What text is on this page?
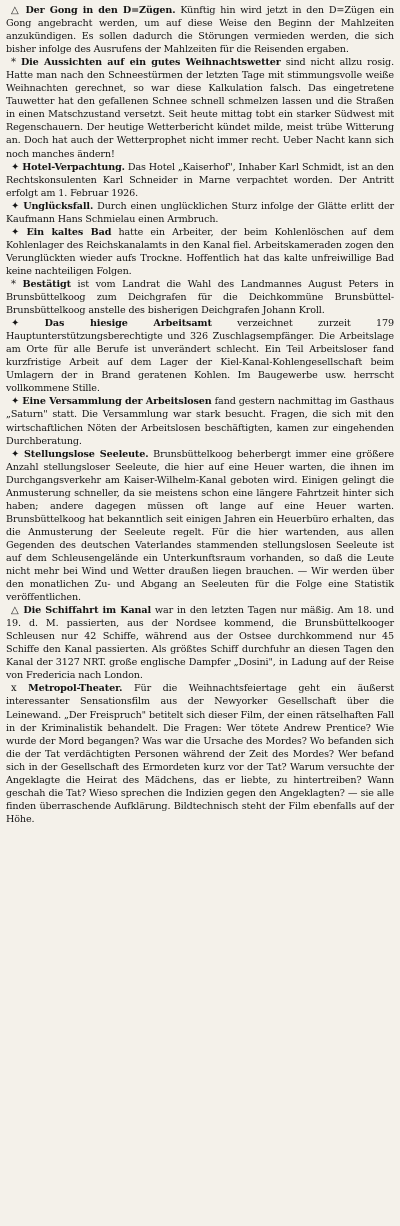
△ Der Gong in den D=Zügen. Künftig hin wird jetzt in den D=Zügen ein Gong angebracht werden, um auf diese Weise den Beginn der Mahlzeiten anzukündigen. Es sollen dadurch die Störungen vermieden werden, die sich bisher infolge des Ausrufens der Mahlzeiten für die Reisenden ergaben.

* Die Aussichten auf ein gutes Weihnachtswetter sind nicht allzu rosig. Hatte man nach den Schneestürmen der letzten Tage mit stimmungsvolle weiße Weihnachten gerechnet, so war diese Kalkulation falsch. Das eingetretene Tauwetter hat den gefallenen Schnee schnell schmelzen lassen und die Straßen in einen Matschzustand versetzt. Seit heute mittag tobt ein starker Südwest mit Regenschauern. Der heutige Wetterbericht kündet milde, meist trübe Witterung an. Doch hat auch der Wetterprophet nicht immer recht. Ueber Nacht kann sich noch manches ändern!

✦ Hotel-Verpachtung. Das Hotel „Kaiserhof", Inhaber Karl Schmidt, ist an den Rechtskonsulenten Karl Schneider in Marne verpachtet worden. Der Antritt erfolgt am 1. Februar 1926.

✦ Unglücksfall. Durch einen unglücklichen Sturz infolge der Glätte erlitt der Kaufmann Hans Schmielau einen Armbruch.

✦ Ein kaltes Bad hatte ein Arbeiter, der beim Kohlenlöschen auf dem Kohlenlager des Reichskanalamts in den Kanal fiel. Arbeitskameraden zogen den Verunglückten wieder aufs Trockne. Hoffentlich hat das kalte unfreiwillige Bad keine nachteiligen Folgen.

* Bestätigt ist vom Landrat die Wahl des Landmannes August Peters in Brunsbüttelkoog zum Deichgrafen für die Deichkommüne Brunsbüttel-Brunsbüttelkoog anstelle des bisherigen Deichgrafen Johann Kroll.

✦	Das hiesige Arbeitsamt	verzeichnet zurzeit 179 Hauptunterstützungsberechtigte und 326 Zuschlagsempfänger. Die Arbeitslage am Orte für alle Berufe ist unverändert schlecht. Ein Teil Arbeitsloser fand kurzfristige Arbeit auf dem Lager der Kiel-Kanal-Kohlengesellschaft beim Umlagern der in Brand geratenen Kohlen. Im Baugewerbe usw. herrscht vollkommene Stille.

✦ Eine Versammlung der Arbeitslosen fand gestern nachmittag im Gasthaus „Saturn" statt. Die Versammlung war stark besucht. Fragen, die sich mit den wirtschaftlichen Nöten der Arbeitslosen beschäftigten, kamen zur eingehenden Durchberatung.

✦ Stellungslose Seeleute. Brunsbüttelkoog beherbergt immer eine größere Anzahl stellungsloser Seeleute, die hier auf eine Heuer warten, die ihnen im Durchgangsverkehr am Kaiser-Wilhelm-Kanal geboten wird. Einigen gelingt die Anmusterung schneller, da sie meistens schon eine längere Fahrtzeit hinter sich haben; andere dagegen müssen oft lange auf eine Heuer warten. Brunsbüttelkoog hat bekanntlich seit einigen Jahren ein Heuerbüro erhalten, das die Anmusterung der Seeleute regelt. Für die hier wartenden, aus allen Gegenden des deutschen Vaterlandes stammenden stellungslosen Seeleute ist auf dem Schleusengelände ein Unterkunftsraum vorhanden, so daß die Leute nicht mehr bei Wind und Wetter draußen liegen brauchen. — Wir werden über den monatlichen Zu- und Abgang an Seeleuten für die Folge eine Statistik veröffentlichen.

△ Die Schiffahrt im Kanal war in den letzten Tagen nur mäßig. Am 18. und 19. d. M. passierten, aus der Nordsee kommend, die Brunsbüttelkooger Schleusen nur 42 Schiffe, während aus der Ostsee durchkommend nur 45 Schiffe den Kanal passierten. Als größtes Schiff durchfuhr an diesen Tagen den Kanal der 3127 NRT. große englische Dampfer „Dosini", in Ladung auf der Reise von Fredericia nach London.

x Metropol-Theater. Für die Weihnachtsfeiertage geht ein äußerst interessanter Sensationsfilm aus der Newyorker Gesellschaft über die Leinewand. „Der Freispruch" betitelt sich dieser Film, der einen rätselhaften Fall in der Kriminalistik behandelt. Die Fragen: Wer tötete Andrew Prentice? Wie wurde der Mord begangen? Was war die Ursache des Mordes? Wo befanden sich die der Tat verdächtigten Personen während der Zeit des Mordes? Wer befand sich in der Gesellschaft des Ermordeten kurz vor der Tat? Warum versuchte der Angeklagte die Heirat des Mädchens, das er liebte, zu hintertreiben? Wann geschah die Tat? Wieso sprechen die Indizien gegen den Angeklagten? — sie alle finden überraschende Aufklärung. Bildtechnisch steht der Film ebenfalls auf der Höhe.
